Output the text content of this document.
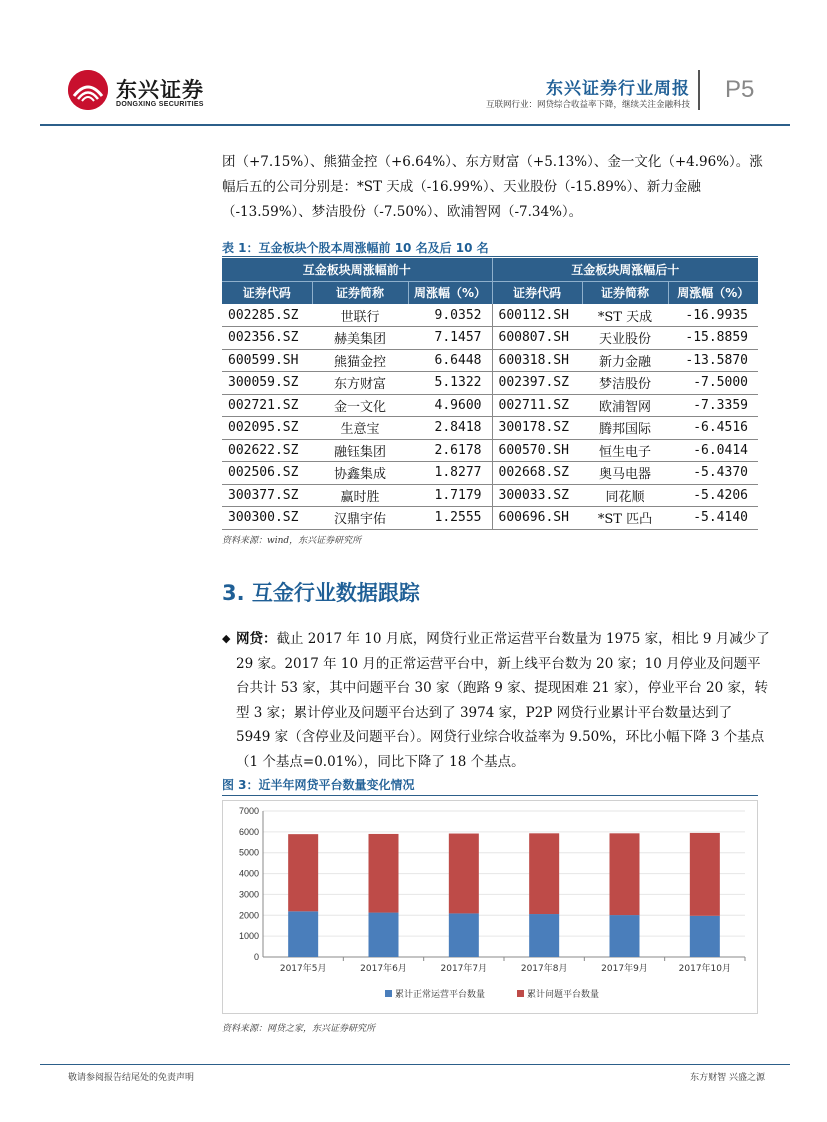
东兴证券
DONGXING SECURITIES
东兴证券行业周报
互联网行业：网贷综合收益率下降，继续关注金融科技
P5
团（+7.15%）、熊猫金控（+6.64%）、东方财富（+5.13%）、金一文化（+4.96%）。涨幅后五的公司分别是：*ST 天成（-16.99%）、天业股份（-15.89%）、新力金融（-13.59%）、梦洁股份（-7.50%）、欧浦智网（-7.34%）。
表 1：互金板块个股本周涨幅前 10 名及后 10 名
互金板块周涨幅前十			互金板块周涨幅后十		
证券代码	证券简称	周涨幅（%）	证券代码	证券简称	周涨幅（%）
002285.SZ	世联行	9.0352	600112.SH	*ST 天成	-16.9935
002356.SZ	赫美集团	7.1457	600807.SH	天业股份	-15.8859
600599.SH	熊猫金控	6.6448	600318.SH	新力金融	-13.5870
300059.SZ	东方财富	5.1322	002397.SZ	梦洁股份	-7.5000
002721.SZ	金一文化	4.9600	002711.SZ	欧浦智网	-7.3359
002095.SZ	生意宝	2.8418	300178.SZ	腾邦国际	-6.4516
002622.SZ	融钰集团	2.6178	600570.SH	恒生电子	-6.0414
002506.SZ	协鑫集成	1.8277	002668.SZ	奥马电器	-5.4370
300377.SZ	赢时胜	1.7179	300033.SZ	同花顺	-5.4206
300300.SZ	汉鼎宇佑	1.2555	600696.SH	*ST 匹凸	-5.4140
资料来源：wind，东兴证券研究所
3. 互金行业数据跟踪
◆ 网贷：截止 2017 年 10 月底，网贷行业正常运营平台数量为 1975 家，相比 9 月减少了 29 家。2017 年 10 月的正常运营平台中，新上线平台数为 20 家；10 月停业及问题平台共计 53 家，其中问题平台 30 家（跑路 9 家、提现困难 21 家），停业平台 20 家，转型 3 家；累计停业及问题平台达到了 3974 家，P2P 网贷行业累计平台数量达到了 5949 家（含停业及问题平台）。网贷行业综合收益率为 9.50%，环比小幅下降 3 个基点（1 个基点=0.01%），同比下降了 18 个基点。
图 3：近半年网贷平台数量变化情况
0
1000
2000
3000
4000
5000
6000
7000
2017年5月	2017年6月	2017年7月	2017年8月	2017年9月	2017年10月
累计正常运营平台数量	累计问题平台数量
资料来源：网贷之家，东兴证券研究所
敬请参阅报告结尾处的免责声明	东方财智 兴盛之源
